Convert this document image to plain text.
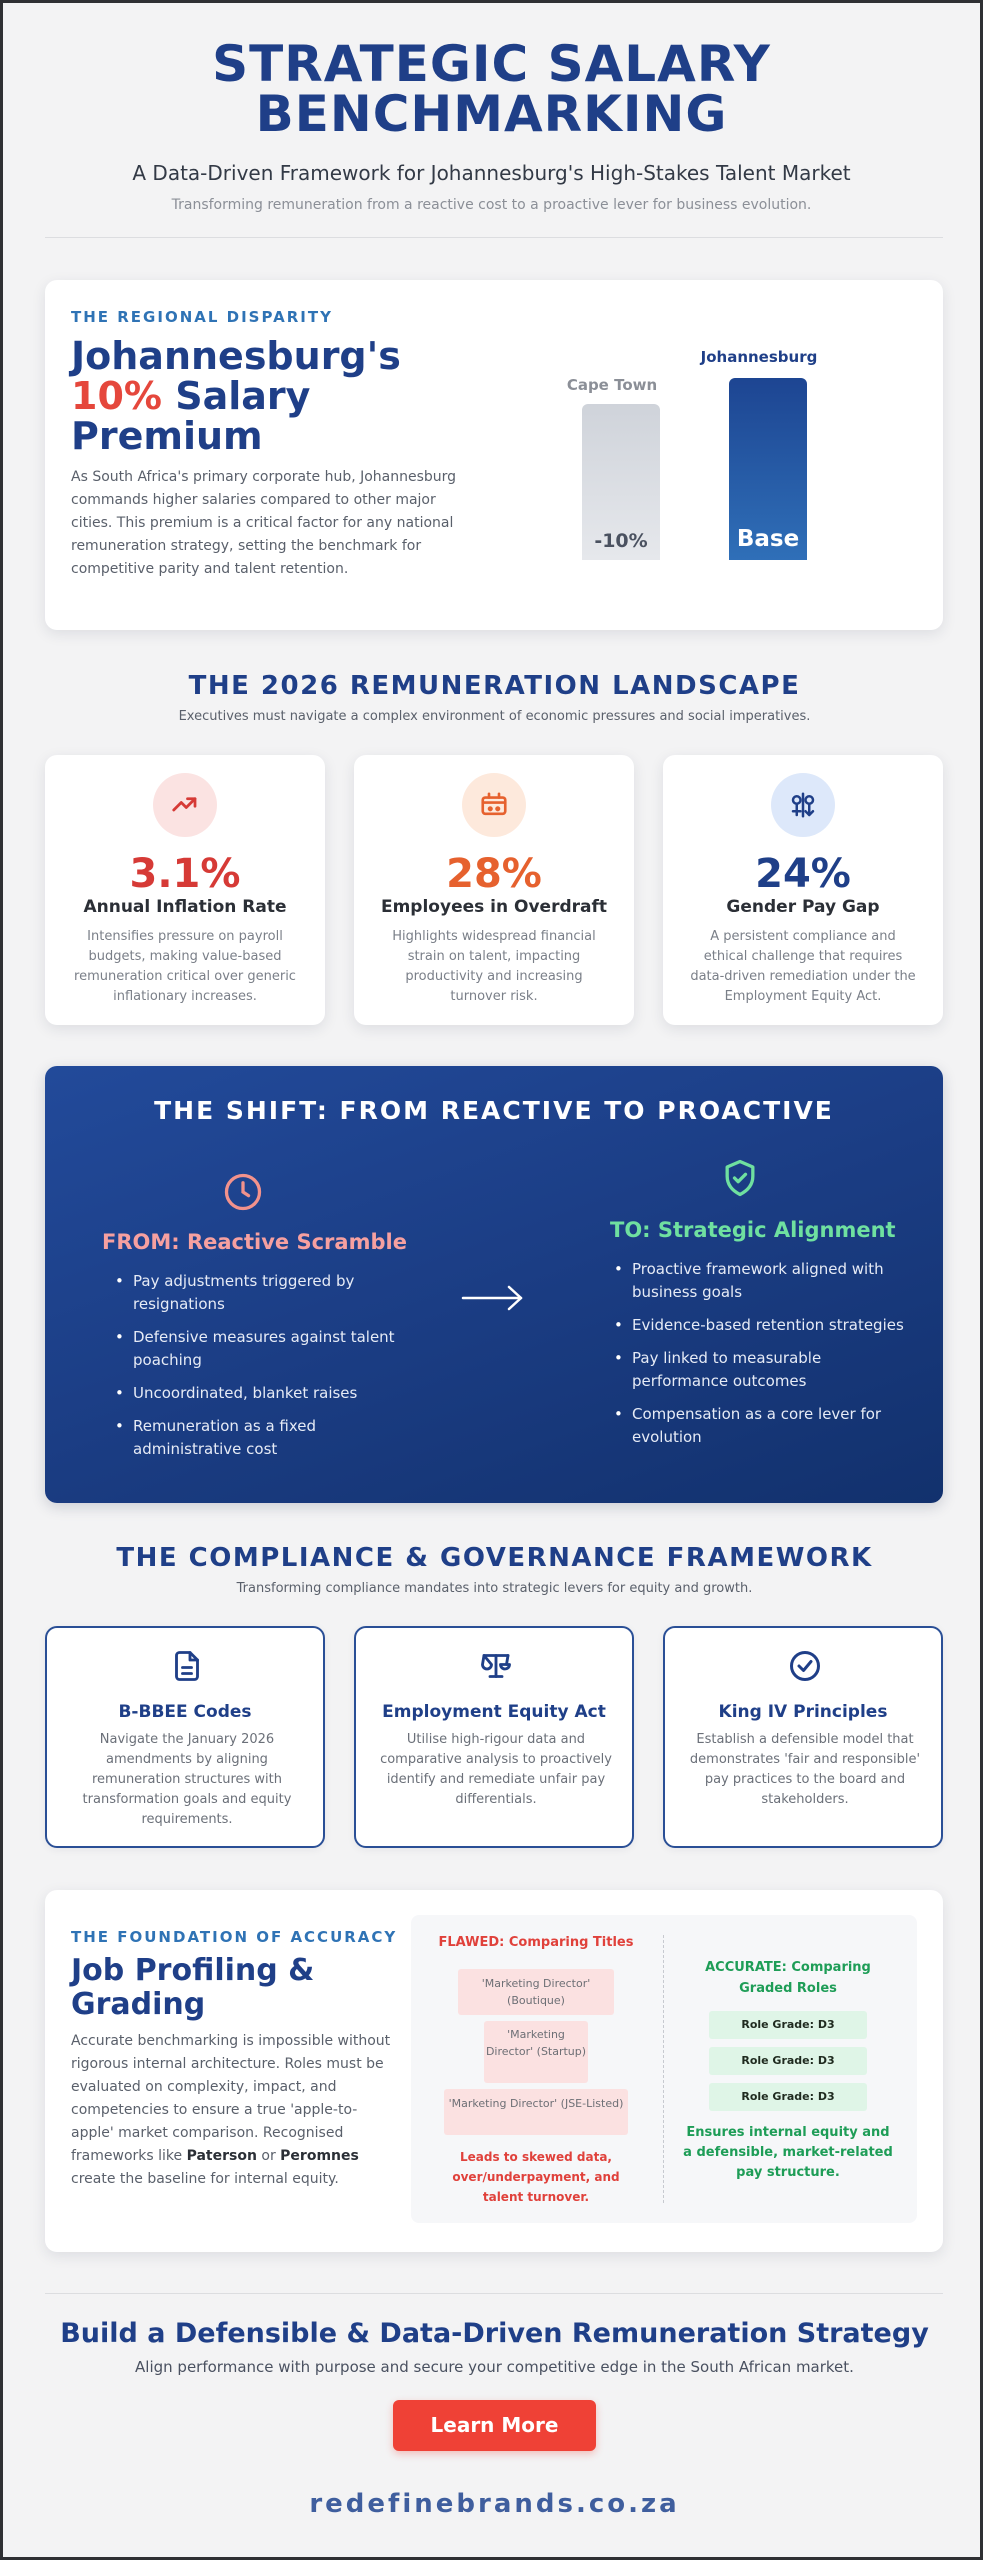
STRATEGIC SALARY
BENCHMARKING
A Data-Driven Framework for Johannesburg's High-Stakes Talent Market
Transforming remuneration from a reactive cost to a proactive lever for business evolution.
THE REGIONAL DISPARITY
Johannesburg's
10% Salary
Premium
As South Africa's primary corporate hub, Johannesburg commands higher salaries compared to other major cities. This premium is a critical factor for any national remuneration strategy, setting the benchmark for competitive parity and talent retention.
Cape Town
-10%
Johannesburg
Base
THE 2026 REMUNERATION LANDSCAPE
Executives must navigate a complex environment of economic pressures and social imperatives.
3.1%
Annual Inflation Rate
Intensifies pressure on payroll budgets, making value-based remuneration critical over generic inflationary increases.
28%
Employees in Overdraft
Highlights widespread financial strain on talent, impacting productivity and increasing turnover risk.
24%
Gender Pay Gap
A persistent compliance and ethical challenge that requires data-driven remediation under the Employment Equity Act.
THE SHIFT: FROM REACTIVE TO PROACTIVE
FROM: Reactive Scramble
• Pay adjustments triggered by resignations
• Defensive measures against talent poaching
• Uncoordinated, blanket raises
• Remuneration as a fixed administrative cost
TO: Strategic Alignment
• Proactive framework aligned with business goals
• Evidence-based retention strategies
• Pay linked to measurable performance outcomes
• Compensation as a core lever for evolution
THE COMPLIANCE & GOVERNANCE FRAMEWORK
Transforming compliance mandates into strategic levers for equity and growth.
B-BBEE Codes
Navigate the January 2026 amendments by aligning remuneration structures with transformation goals and equity requirements.
Employment Equity Act
Utilise high-rigour data and comparative analysis to proactively identify and remediate unfair pay differentials.
King IV Principles
Establish a defensible model that demonstrates 'fair and responsible' pay practices to the board and stakeholders.
THE FOUNDATION OF ACCURACY
Job Profiling &
Grading
Accurate benchmarking is impossible without rigorous internal architecture. Roles must be evaluated on complexity, impact, and competencies to ensure a true 'apple-to-apple' market comparison. Recognised frameworks like Paterson or Peromnes create the baseline for internal equity.
FLAWED: Comparing Titles
'Marketing Director' (Boutique)
'Marketing Director' (Startup)
'Marketing Director' (JSE-Listed)
Leads to skewed data, over/underpayment, and talent turnover.
ACCURATE: Comparing Graded Roles
Role Grade: D3
Role Grade: D3
Role Grade: D3
Ensures internal equity and a defensible, market-related pay structure.
Build a Defensible & Data-Driven Remuneration Strategy
Align performance with purpose and secure your competitive edge in the South African market.
Learn More
redefinebrands.co.za
